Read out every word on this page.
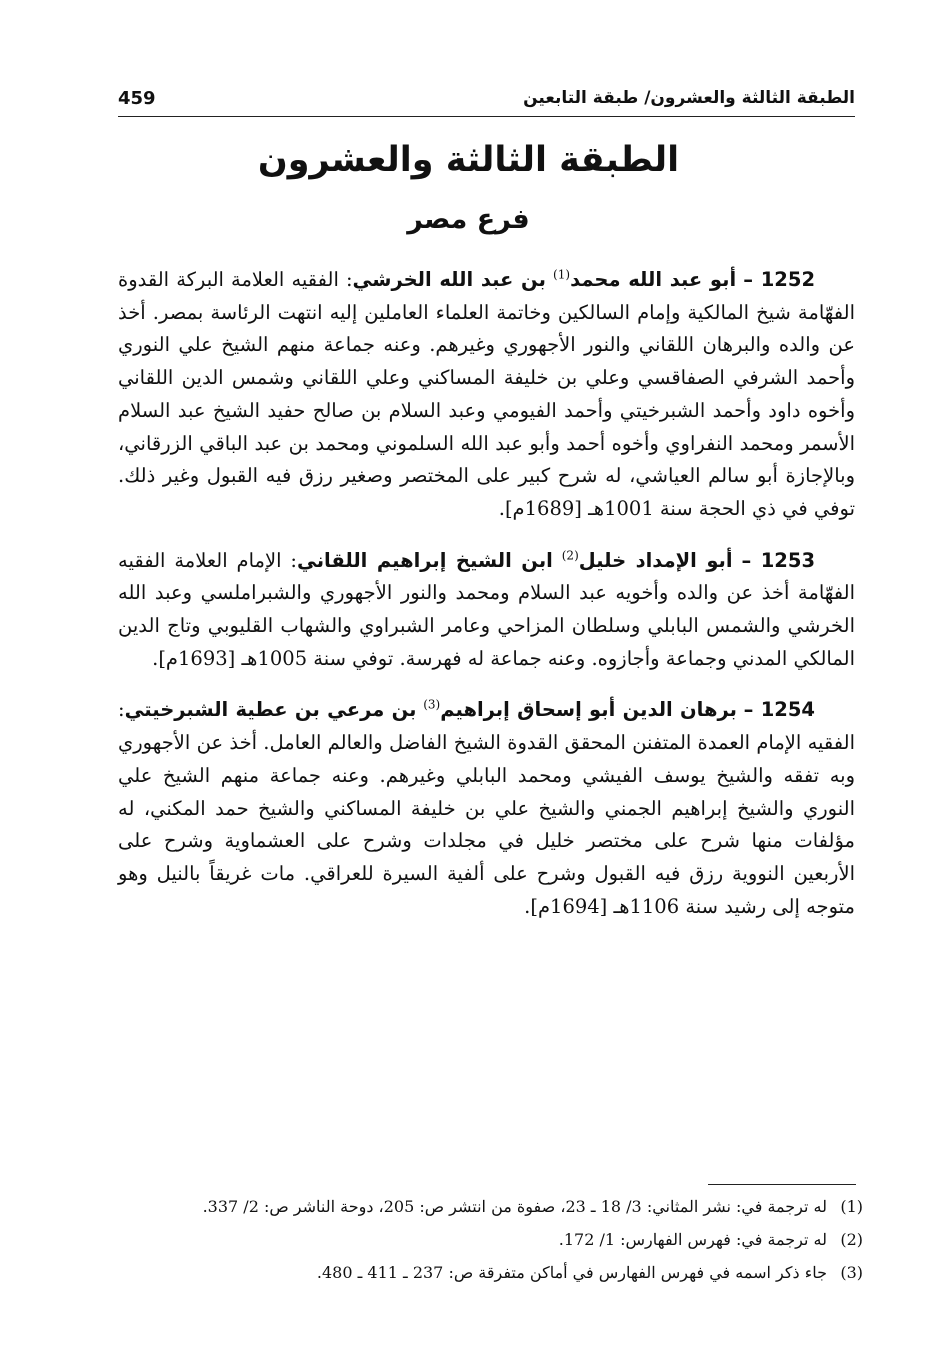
الطبقة الثالثة والعشرون/ طبقة التابعين
459
الطبقة الثالثة والعشرون
فرع مصر

1252 – أبو عبد الله محمد$^{(1)}$ بن عبد الله الخرشي: الفقيه العلامة البركة القدوة الفهّامة شيخ المالكية وإمام السالكين وخاتمة العلماء العاملين إليه انتهت الرئاسة بمصر. أخذ عن والده والبرهان اللقاني والنور الأجهوري وغيرهم. وعنه جماعة منهم الشيخ علي النوري وأحمد الشرفي الصفاقسي وعلي بن خليفة المساكني وعلي اللقاني وشمس الدين اللقاني وأخوه داود وأحمد الشبرخيتي وأحمد الفيومي وعبد السلام بن صالح حفيد الشيخ عبد السلام الأسمر ومحمد النفراوي وأخوه أحمد وأبو عبد الله السلموني ومحمد بن عبد الباقي الزرقاني، وبالإجازة أبو سالم العياشي، له شرح كبير على المختصر وصغير رزق فيه القبول وغير ذلك. توفي في ذي الحجة سنة 1001هـ [1689م].

1253 – أبو الإمداد خليل$^{(2)}$ ابن الشيخ إبراهيم اللقاني: الإمام العلامة الفقيه الفهّامة أخذ عن والده وأخويه عبد السلام ومحمد والنور الأجهوري والشبراملسي وعبد الله الخرشي والشمس البابلي وسلطان المزاحي وعامر الشبراوي والشهاب القليوبي وتاج الدين المالكي المدني وجماعة وأجازوه. وعنه جماعة له فهرسة. توفي سنة 1005هـ [1693م].

1254 – برهان الدين أبو إسحاق إبراهيم$^{(3)}$ بن مرعي بن عطية الشبرخيتي: الفقيه الإمام العمدة المتفنن المحقق القدوة الشيخ الفاضل والعالم العامل. أخذ عن الأجهوري وبه تفقه والشيخ يوسف الفيشي ومحمد البابلي وغيرهم. وعنه جماعة منهم الشيخ علي النوري والشيخ إبراهيم الجمني والشيخ علي بن خليفة المساكني والشيخ حمد المكني، له مؤلفات منها شرح على مختصر خليل في مجلدات وشرح على العشماوية وشرح على الأربعين النووية رزق فيه القبول وشرح على ألفية السيرة للعراقي. مات غريقاً بالنيل وهو متوجه إلى رشيد سنة 1106هـ [1694م].

(1)
له ترجمة في: نشر المثاني: 3/ 18 ـ 23، صفوة من انتشر ص: 205، دوحة الناشر ص: 2/ 337.
(2)
له ترجمة في: فهرس الفهارس: 1/ 172.
(3)
جاء ذكر اسمه في فهرس الفهارس في أماكن متفرقة ص: 237 ـ 411 ـ 480.
